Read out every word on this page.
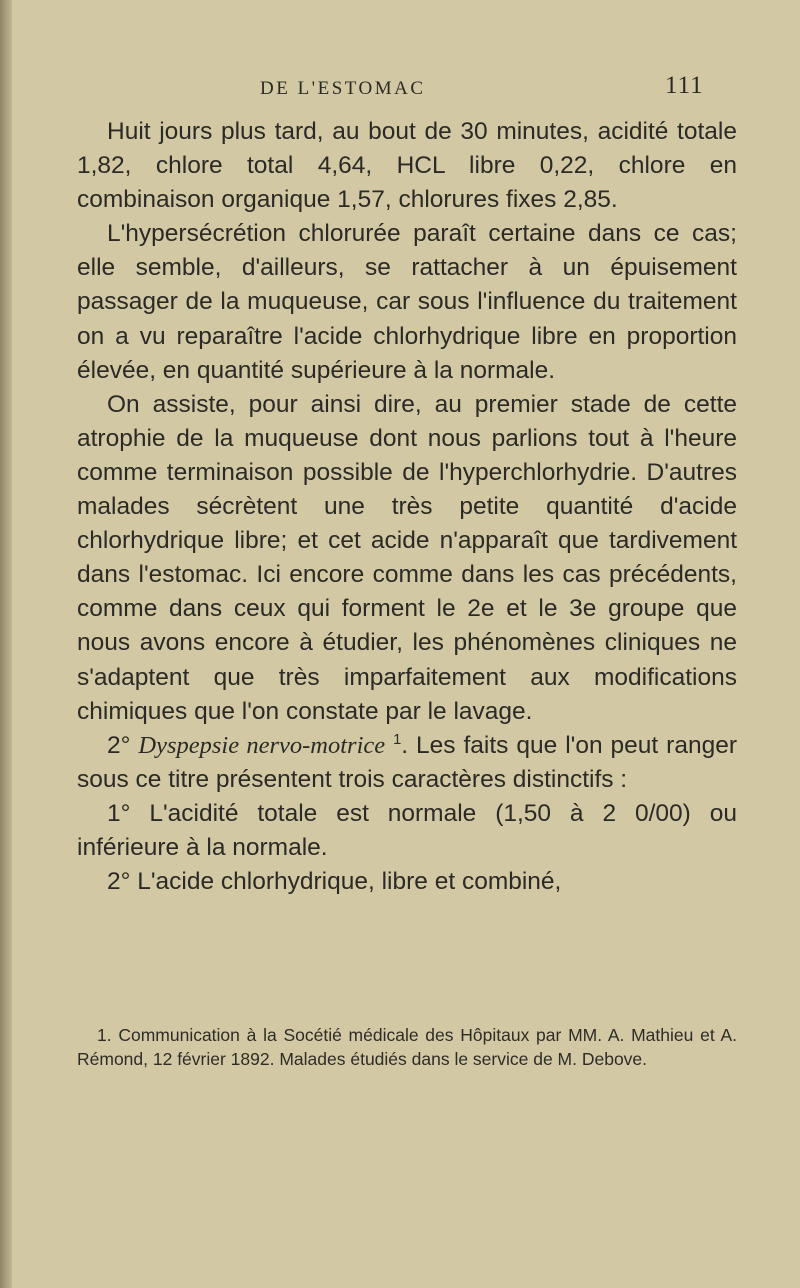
DE L'ESTOMAC	111

Huit jours plus tard, au bout de 30 minutes, acidité totale 1,82, chlore total 4,64, HCL libre 0,22, chlore en combinaison organique 1,57, chlorures fixes 2,85.

L'hypersécrétion chlorurée paraît certaine dans ce cas; elle semble, d'ailleurs, se rattacher à un épuisement passager de la muqueuse, car sous l'influence du traitement on a vu reparaître l'acide chlorhydrique libre en proportion élevée, en quantité supérieure à la normale.

On assiste, pour ainsi dire, au premier stade de cette atrophie de la muqueuse dont nous parlions tout à l'heure comme terminaison possible de l'hyperchlorhydrie. D'autres malades sécrètent une très petite quantité d'acide chlorhydrique libre; et cet acide n'apparaît que tardivement dans l'estomac. Ici encore comme dans les cas précédents, comme dans ceux qui forment le 2e et le 3e groupe que nous avons encore à étudier, les phénomènes cliniques ne s'adaptent que très imparfaitement aux modifications chimiques que l'on constate par le lavage.

2° Dyspepsie nervo-motrice $^1$. Les faits que l'on peut ranger sous ce titre présentent trois caractères distinctifs :

1° L'acidité totale est normale (1,50 à 2 0/00) ou inférieure à la normale.

2° L'acide chlorhydrique, libre et combiné,

1. Communication à la Socétié médicale des Hôpitaux par MM. A. Mathieu et A. Rémond, 12 février 1892. Malades étudiés dans le service de M. Debove.
